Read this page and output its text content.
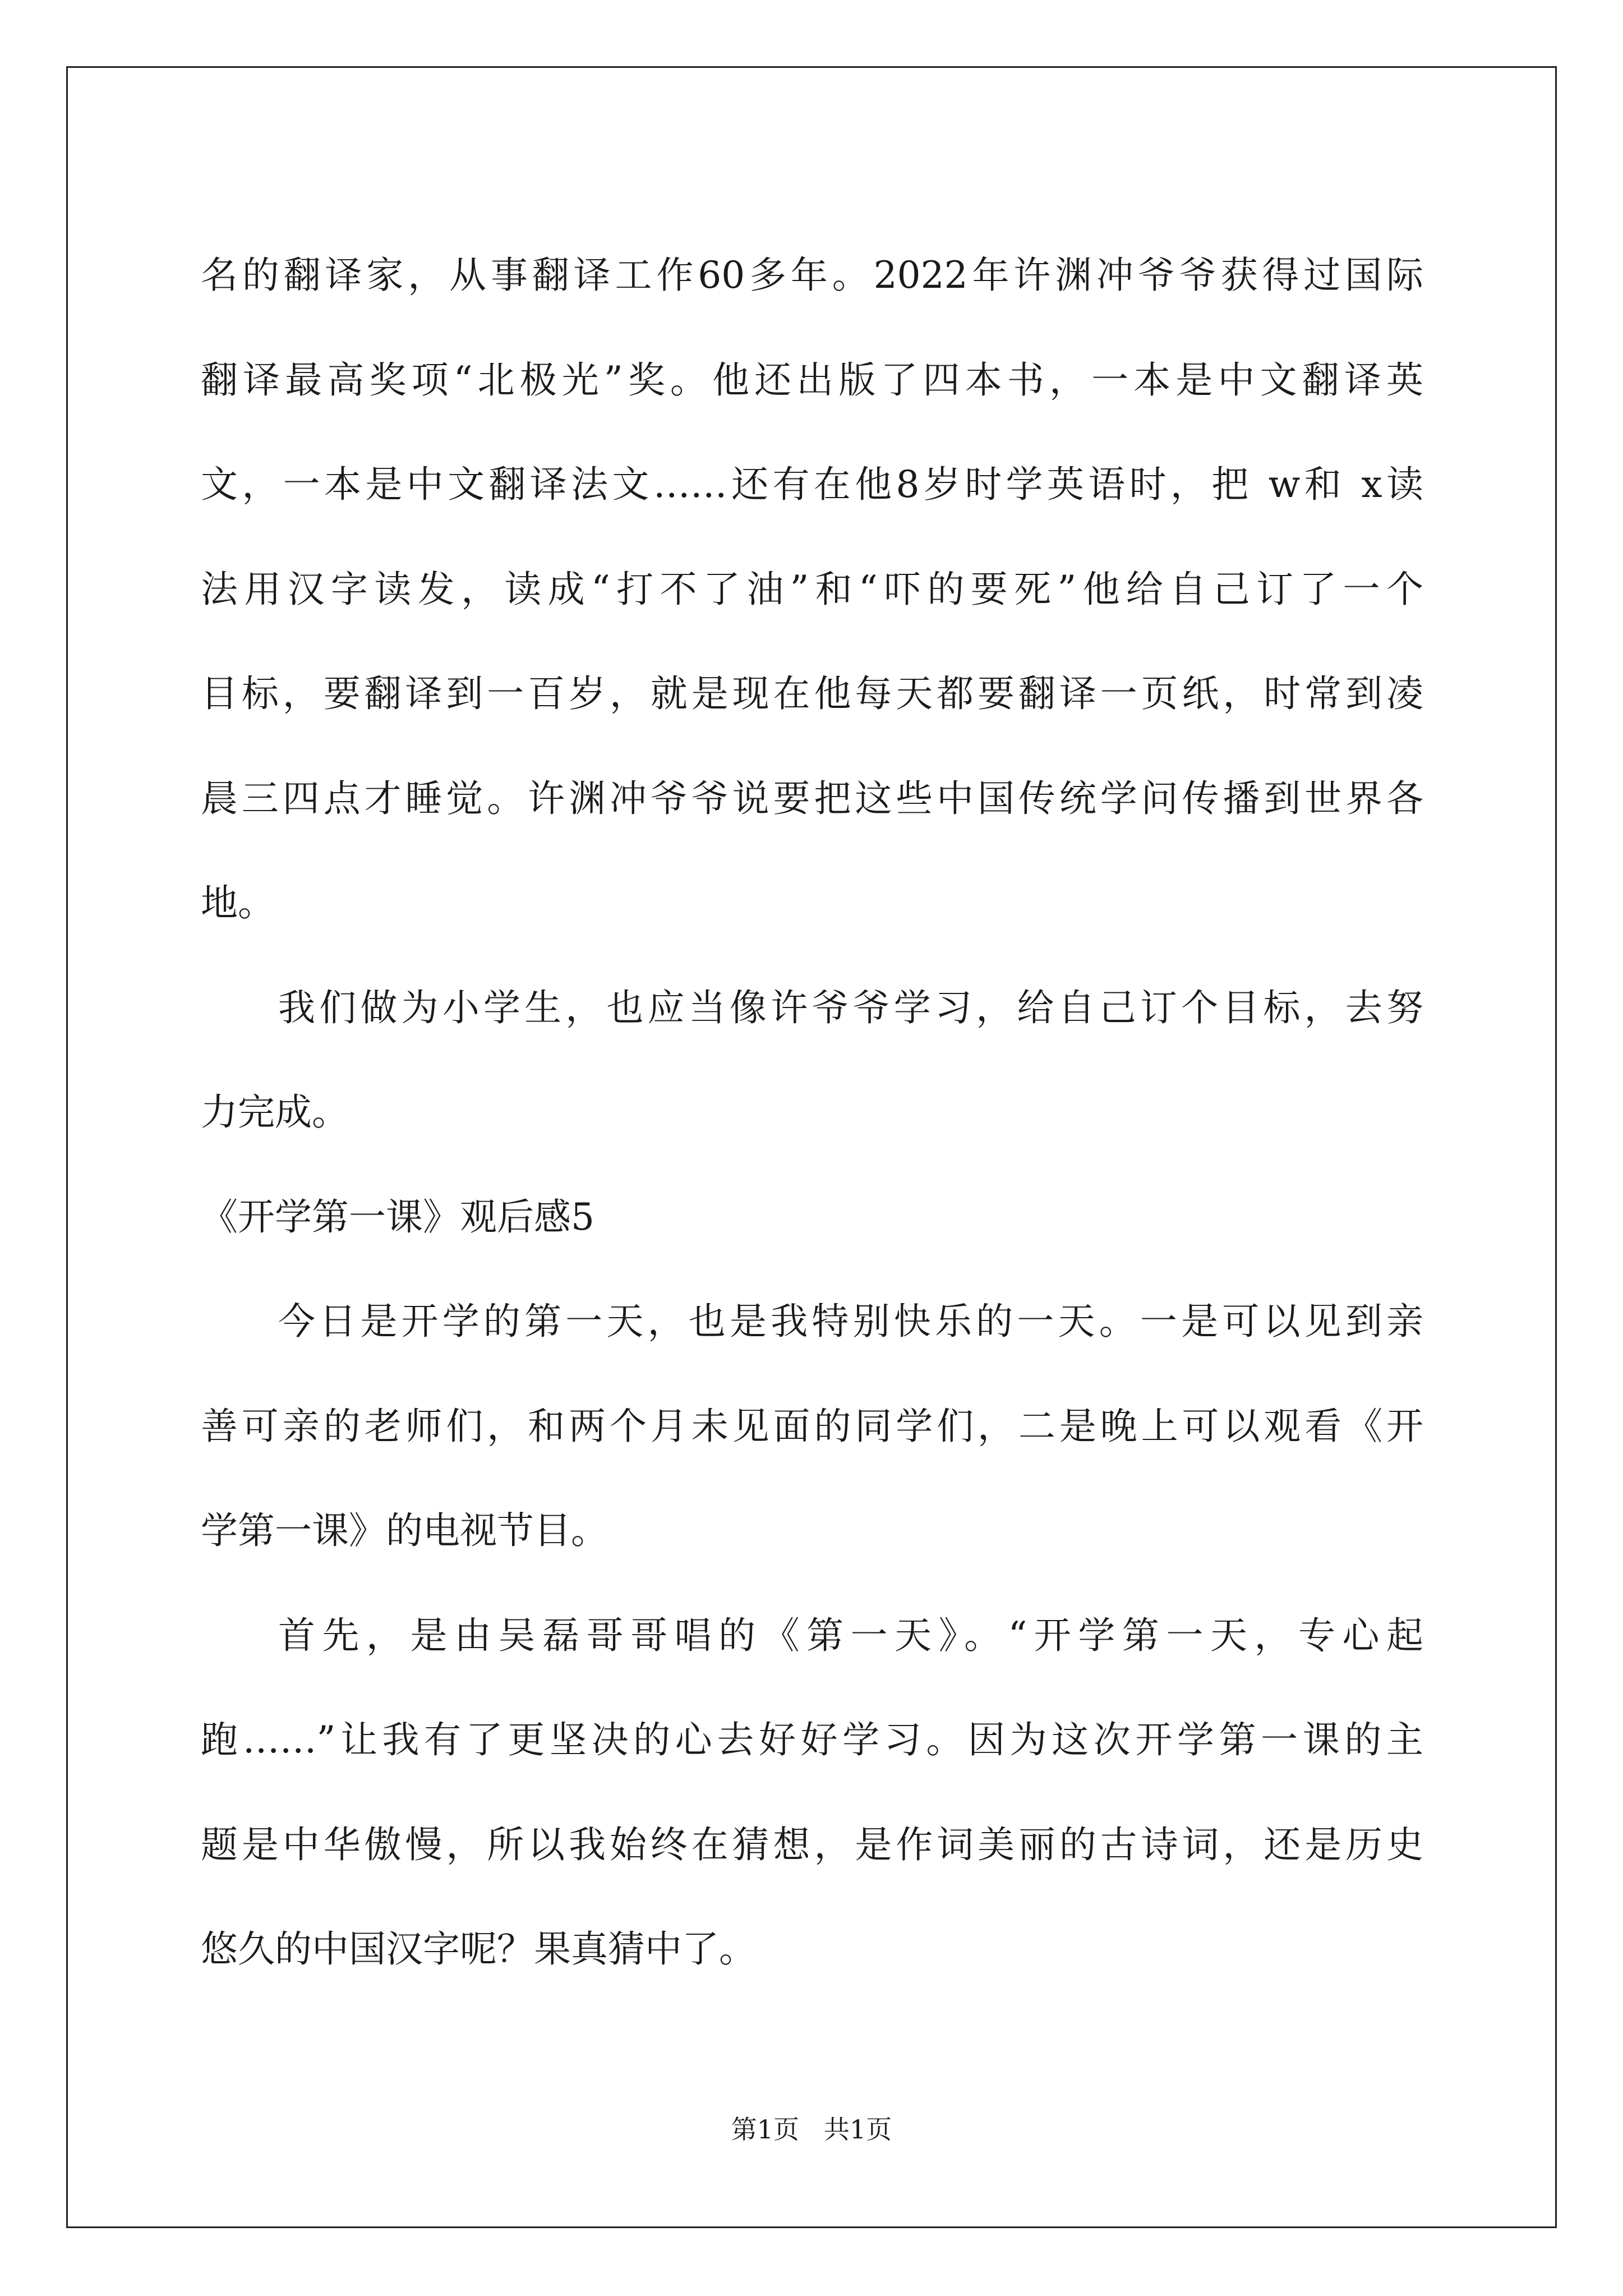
名的翻译家，从事翻译工作60多年。2022年许渊冲爷爷获得过国际
翻译最高奖项“北极光”奖。他还出版了四本书，一本是中文翻译英
文，一本是中文翻译法文……还有在他8岁时学英语时，把 w和 x读
法用汉字读发，读成“打不了油”和“吓的要死”他给自己订了一个
目标，要翻译到一百岁，就是现在他每天都要翻译一页纸，时常到凌
晨三四点才睡觉。许渊冲爷爷说要把这些中国传统学问传播到世界各
地。
我们做为小学生，也应当像许爷爷学习，给自己订个目标，去努
力完成。
《开学第一课》观后感5
今日是开学的第一天，也是我特别快乐的一天。一是可以见到亲
善可亲的老师们，和两个月未见面的同学们，二是晚上可以观看《开
学第一课》的电视节目。
首先，是由吴磊哥哥唱的《第一天》。“开学第一天，专心起
跑……”让我有了更坚决的心去好好学习。因为这次开学第一课的主
题是中华傲慢，所以我始终在猜想，是作词美丽的古诗词，还是历史
悠久的中国汉字呢？果真猜中了。
第1页 共1页
